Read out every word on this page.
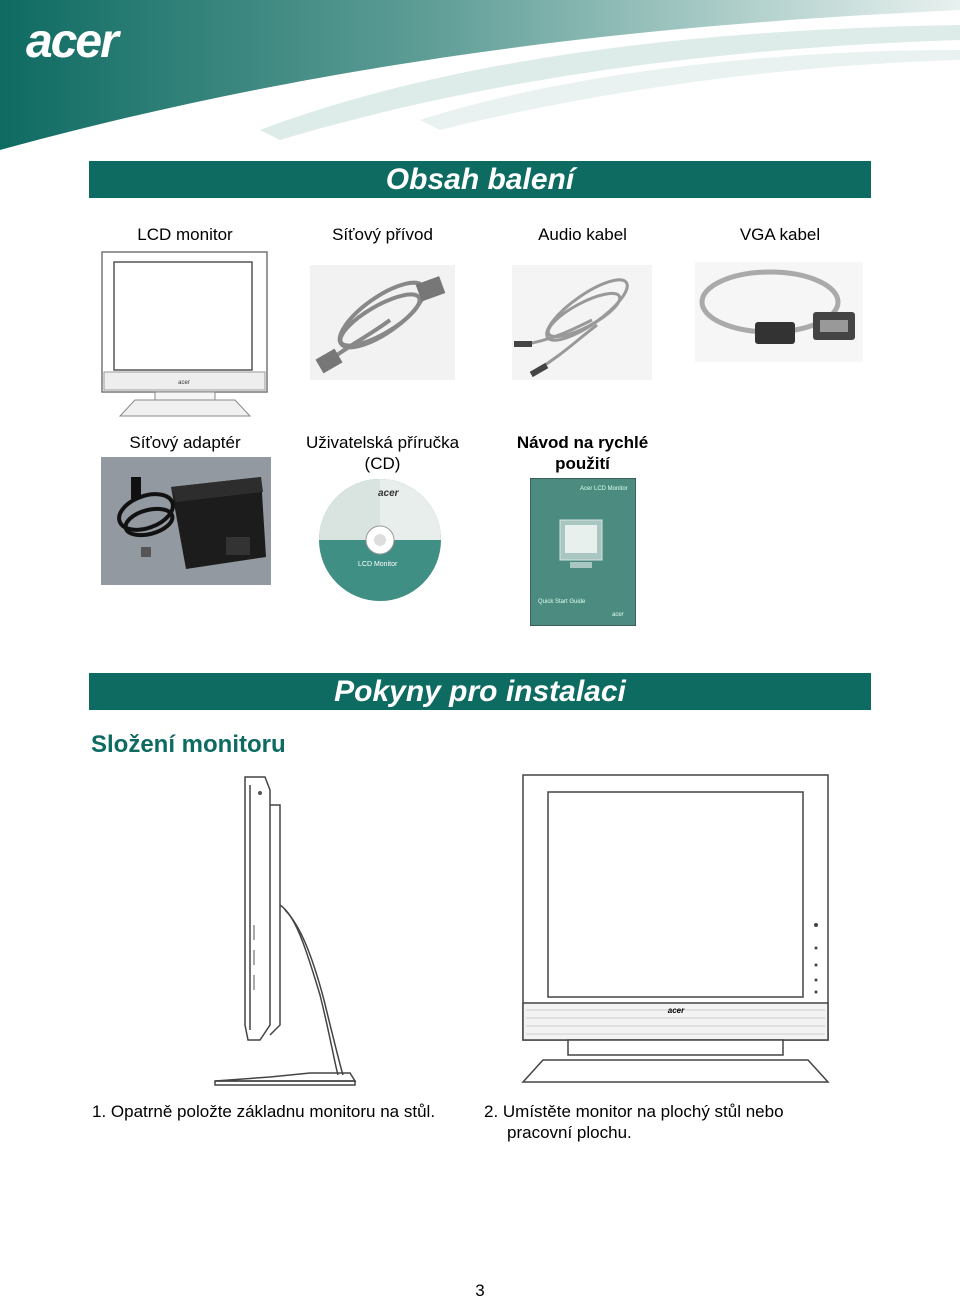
acer
Obsah balení
LCD monitor	Síťový přívod	Audio kabel	VGA kabel
acer
Síťový adaptér	Uživatelská příručka
(CD)
Návod na rychlé
použití
acer
LCD Monitor
Acer LCD Monitor
Quick Start Guide
acer
Pokyny pro instalaci
Složení monitoru
acer
1. Opatrně položte základnu monitoru na stůl.	2. Umístěte monitor na plochý stůl nebo
pracovní plochu.
3
